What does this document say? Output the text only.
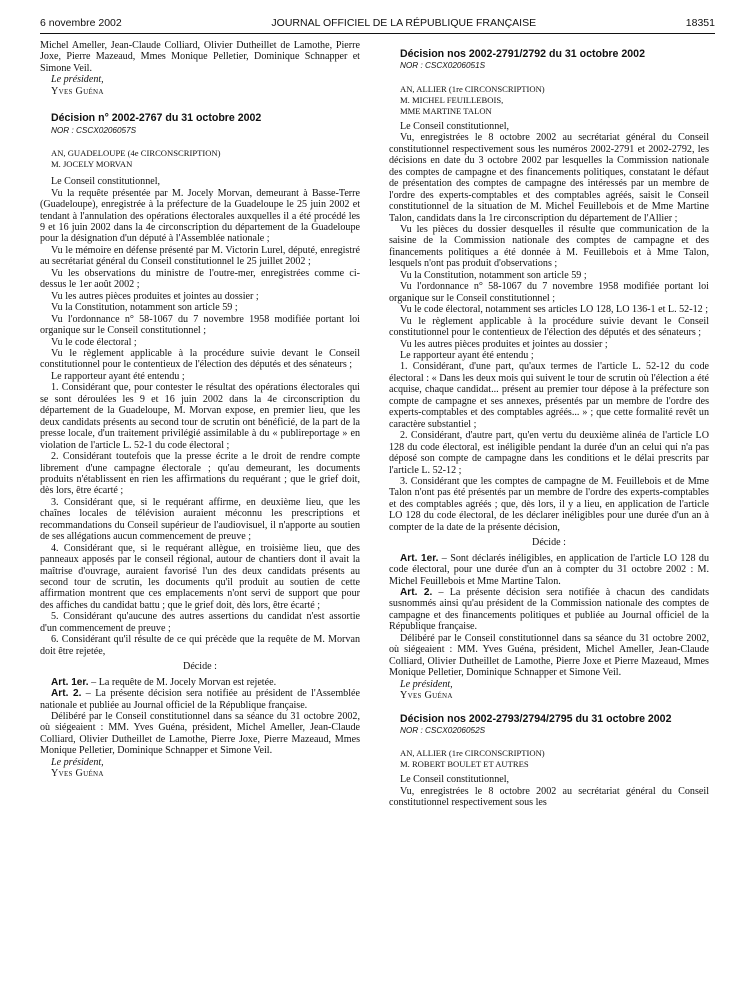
6 novembre 2002	JOURNAL OFFICIEL DE LA RÉPUBLIQUE FRANÇAISE	18351

Michel Ameller, Jean-Claude Colliard, Olivier Dutheillet de Lamothe, Pierre Joxe, Pierre Mazeaud, Mmes Monique Pelletier, Dominique Schnapper et Simone Veil.

Le président,

Yves Guéna

Décision n° 2002-2767 du 31 octobre 2002

NOR : CSCX0206057S

AN, GUADELOUPE (4e CIRCONSCRIPTION)

M. JOCELY MORVAN

Le Conseil constitutionnel,

Vu la requête présentée par M. Jocely Morvan, demeurant à Basse-Terre (Guadeloupe), enregistrée à la préfecture de la Guadeloupe le 25 juin 2002 et tendant à l'annulation des opérations électorales auxquelles il a été procédé les 9 et 16 juin 2002 dans la 4e circonscription du département de la Guadeloupe pour la désignation d'un député à l'Assemblée nationale ;

Vu le mémoire en défense présenté par M. Victorin Lurel, député, enregistré au secrétariat général du Conseil constitutionnel le 25 juillet 2002 ;

Vu les observations du ministre de l'outre-mer, enregistrées comme ci-dessus le 1er août 2002 ;

Vu les autres pièces produites et jointes au dossier ;

Vu la Constitution, notamment son article 59 ;

Vu l'ordonnance n° 58-1067 du 7 novembre 1958 modifiée portant loi organique sur le Conseil constitutionnel ;

Vu le code électoral ;

Vu le règlement applicable à la procédure suivie devant le Conseil constitutionnel pour le contentieux de l'élection des députés et des sénateurs ;

Le rapporteur ayant été entendu ;

1. Considérant que, pour contester le résultat des opérations électorales qui se sont déroulées les 9 et 16 juin 2002 dans la 4e circonscription du département de la Guadeloupe, M. Morvan expose, en premier lieu, que les deux candidats présents au second tour de scrutin ont bénéficié, de la part de la presse locale, d'un traitement privilégié assimilable à du « publireportage » en violation de l'article L. 52-1 du code électoral ;

2. Considérant toutefois que la presse écrite a le droit de rendre compte librement d'une campagne électorale ; qu'au demeurant, les documents produits n'établissent en rien les affirmations du requérant ; que le grief doit, dès lors, être écarté ;

3. Considérant que, si le requérant affirme, en deuxième lieu, que les chaînes locales de télévision auraient méconnu les prescriptions et recommandations du Conseil supérieur de l'audiovisuel, il n'apporte au soutien de ses allégations aucun commencement de preuve ;

4. Considérant que, si le requérant allègue, en troisième lieu, que des panneaux apposés par le conseil régional, autour de chantiers dont il avait la maîtrise d'ouvrage, auraient favorisé l'un des deux candidats présents au second tour de scrutin, les documents qu'il produit au soutien de cette affirmation montrent que ces emplacements n'ont servi de support que pour des affiches du candidat battu ; que le grief doit, dès lors, être écarté ;

5. Considérant qu'aucune des autres assertions du candidat n'est assortie d'un commencement de preuve ;

6. Considérant qu'il résulte de ce qui précède que la requête de M. Morvan doit être rejetée,

Décide :

Art. 1er. – La requête de M. Jocely Morvan est rejetée.

Art. 2. – La présente décision sera notifiée au président de l'Assemblée nationale et publiée au Journal officiel de la République française.

Délibéré par le Conseil constitutionnel dans sa séance du 31 octobre 2002, où siégeaient : MM. Yves Guéna, président, Michel Ameller, Jean-Claude Colliard, Olivier Dutheillet de Lamothe, Pierre Joxe, Pierre Mazeaud, Mmes Monique Pelletier, Dominique Schnapper et Simone Veil.

Le président,

Yves Guéna

Décision nos 2002-2791/2792 du 31 octobre 2002

NOR : CSCX0206051S

AN, ALLIER (1re CIRCONSCRIPTION)

M. MICHEL FEUILLEBOIS,

MME MARTINE TALON

Le Conseil constitutionnel,

Vu, enregistrées le 8 octobre 2002 au secrétariat général du Conseil constitutionnel respectivement sous les numéros 2002-2791 et 2002-2792, les décisions en date du 3 octobre 2002 par lesquelles la Commission nationale des comptes de campagne et des financements politiques, constatant le défaut de présentation des comptes de campagne des intéressés par un membre de l'ordre des experts-comptables et des comptables agréés, saisit le Conseil constitutionnel de la situation de M. Michel Feuillebois et de Mme Martine Talon, candidats dans la 1re circonscription du département de l'Allier ;

Vu les pièces du dossier desquelles il résulte que communication de la saisine de la Commission nationale des comptes de campagne et des financements politiques a été donnée à M. Feuillebois et à Mme Talon, lesquels n'ont pas produit d'observations ;

Vu la Constitution, notamment son article 59 ;

Vu l'ordonnance n° 58-1067 du 7 novembre 1958 modifiée portant loi organique sur le Conseil constitutionnel ;

Vu le code électoral, notamment ses articles LO 128, LO 136-1 et L. 52-12 ;

Vu le règlement applicable à la procédure suivie devant le Conseil constitutionnel pour le contentieux de l'élection des députés et des sénateurs ;

Vu les autres pièces produites et jointes au dossier ;

Le rapporteur ayant été entendu ;

1. Considérant, d'une part, qu'aux termes de l'article L. 52-12 du code électoral : « Dans les deux mois qui suivent le tour de scrutin où l'élection a été acquise, chaque candidat... présent au premier tour dépose à la préfecture son compte de campagne et ses annexes, présentés par un membre de l'ordre des experts-comptables et des comptables agréés... » ; que cette formalité revêt un caractère substantiel ;

2. Considérant, d'autre part, qu'en vertu du deuxième alinéa de l'article LO 128 du code électoral, est inéligible pendant la durée d'un an celui qui n'a pas déposé son compte de campagne dans les conditions et le délai prescrits par l'article L. 52-12 ;

3. Considérant que les comptes de campagne de M. Feuillebois et de Mme Talon n'ont pas été présentés par un membre de l'ordre des experts-comptables et des comptables agréés ; que, dès lors, il y a lieu, en application de l'article LO 128 du code électoral, de les déclarer inéligibles pour une durée d'un an à compter de la date de la présente décision,

Décide :

Art. 1er. – Sont déclarés inéligibles, en application de l'article LO 128 du code électoral, pour une durée d'un an à compter du 31 octobre 2002 : M. Michel Feuillebois et Mme Martine Talon.

Art. 2. – La présente décision sera notifiée à chacun des candidats susnommés ainsi qu'au président de la Commission nationale des comptes de campagne et des financements politiques et publiée au Journal officiel de la République française.

Délibéré par le Conseil constitutionnel dans sa séance du 31 octobre 2002, où siégeaient : MM. Yves Guéna, président, Michel Ameller, Jean-Claude Colliard, Olivier Dutheillet de Lamothe, Pierre Joxe et Pierre Mazeaud, Mmes Monique Pelletier, Dominique Schnapper et Simone Veil.

Le président,

Yves Guéna

Décision nos 2002-2793/2794/2795 du 31 octobre 2002

NOR : CSCX0206052S

AN, ALLIER (1re CIRCONSCRIPTION)

M. ROBERT BOULET ET AUTRES

Le Conseil constitutionnel,

Vu, enregistrées le 8 octobre 2002 au secrétariat général du Conseil constitutionnel respectivement sous les
